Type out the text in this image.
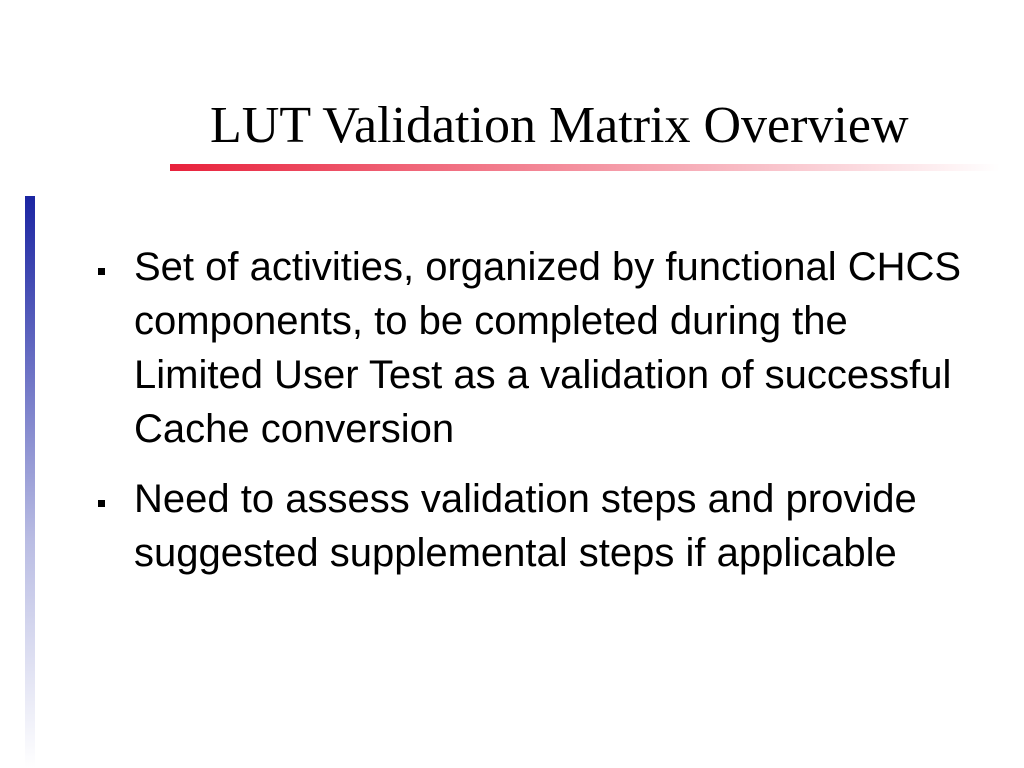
LUT Validation Matrix Overview
Set of activities, organized by functional CHCS components, to be completed during the Limited User Test as a validation of successful Cache conversion
Need to assess validation steps and provide suggested supplemental steps if applicable
